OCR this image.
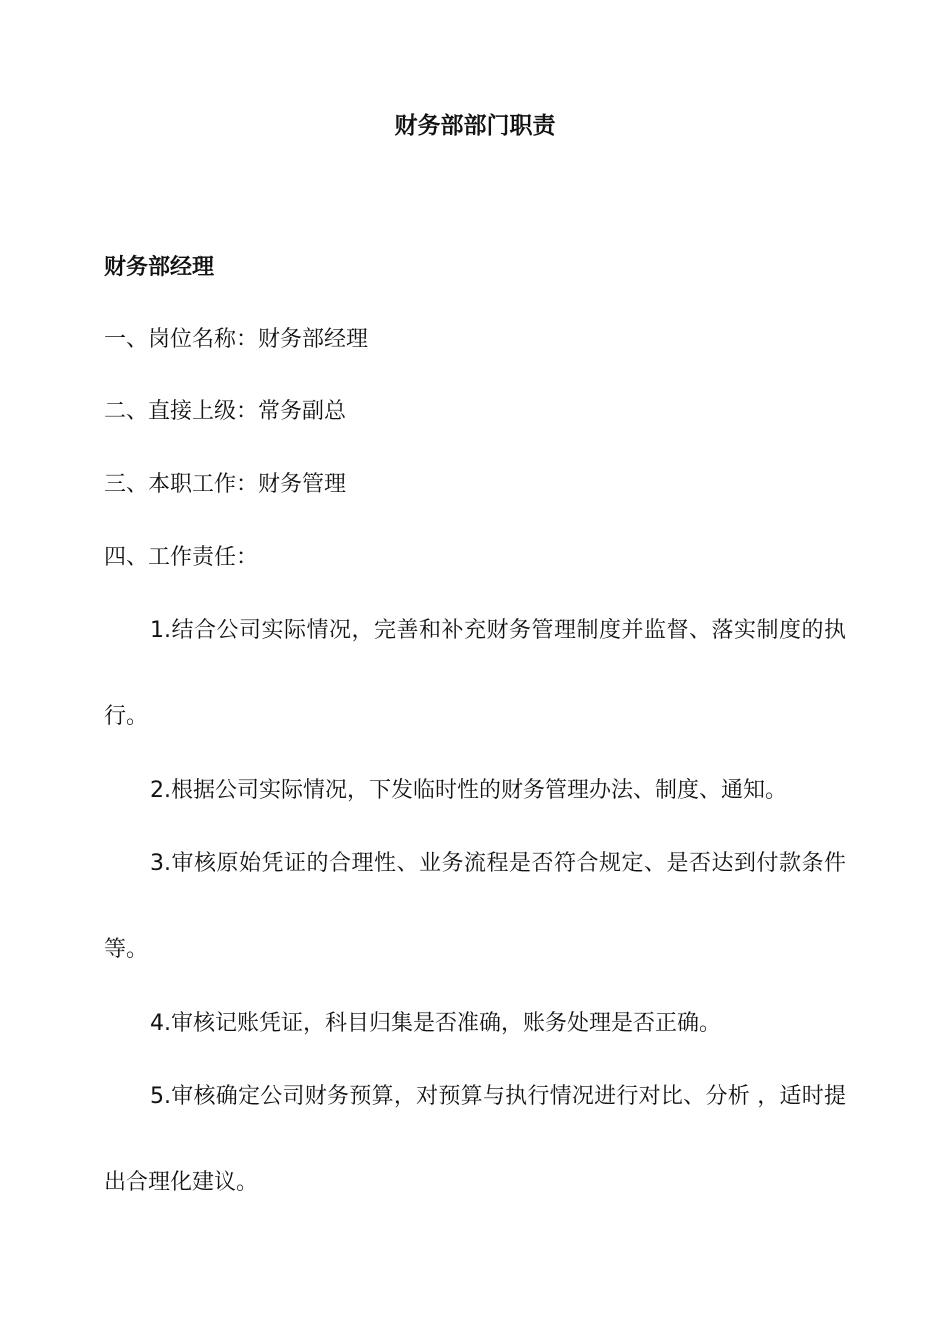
财务部部门职责
财务部经理

一、岗位名称：财务部经理

二、直接上级：常务副总

三、本职工作：财务管理

四、工作责任：

1.结合公司实际情况，完善和补充财务管理制度并监督、落实制度的执行。

2.根据公司实际情况，下发临时性的财务管理办法、制度、通知。

3.审核原始凭证的合理性、业务流程是否符合规定、是否达到付款条件等。

4.审核记账凭证，科目归集是否准确，账务处理是否正确。

5.审核确定公司财务预算，对预算与执行情况进行对比、分析 ，适时提出合理化建议。
